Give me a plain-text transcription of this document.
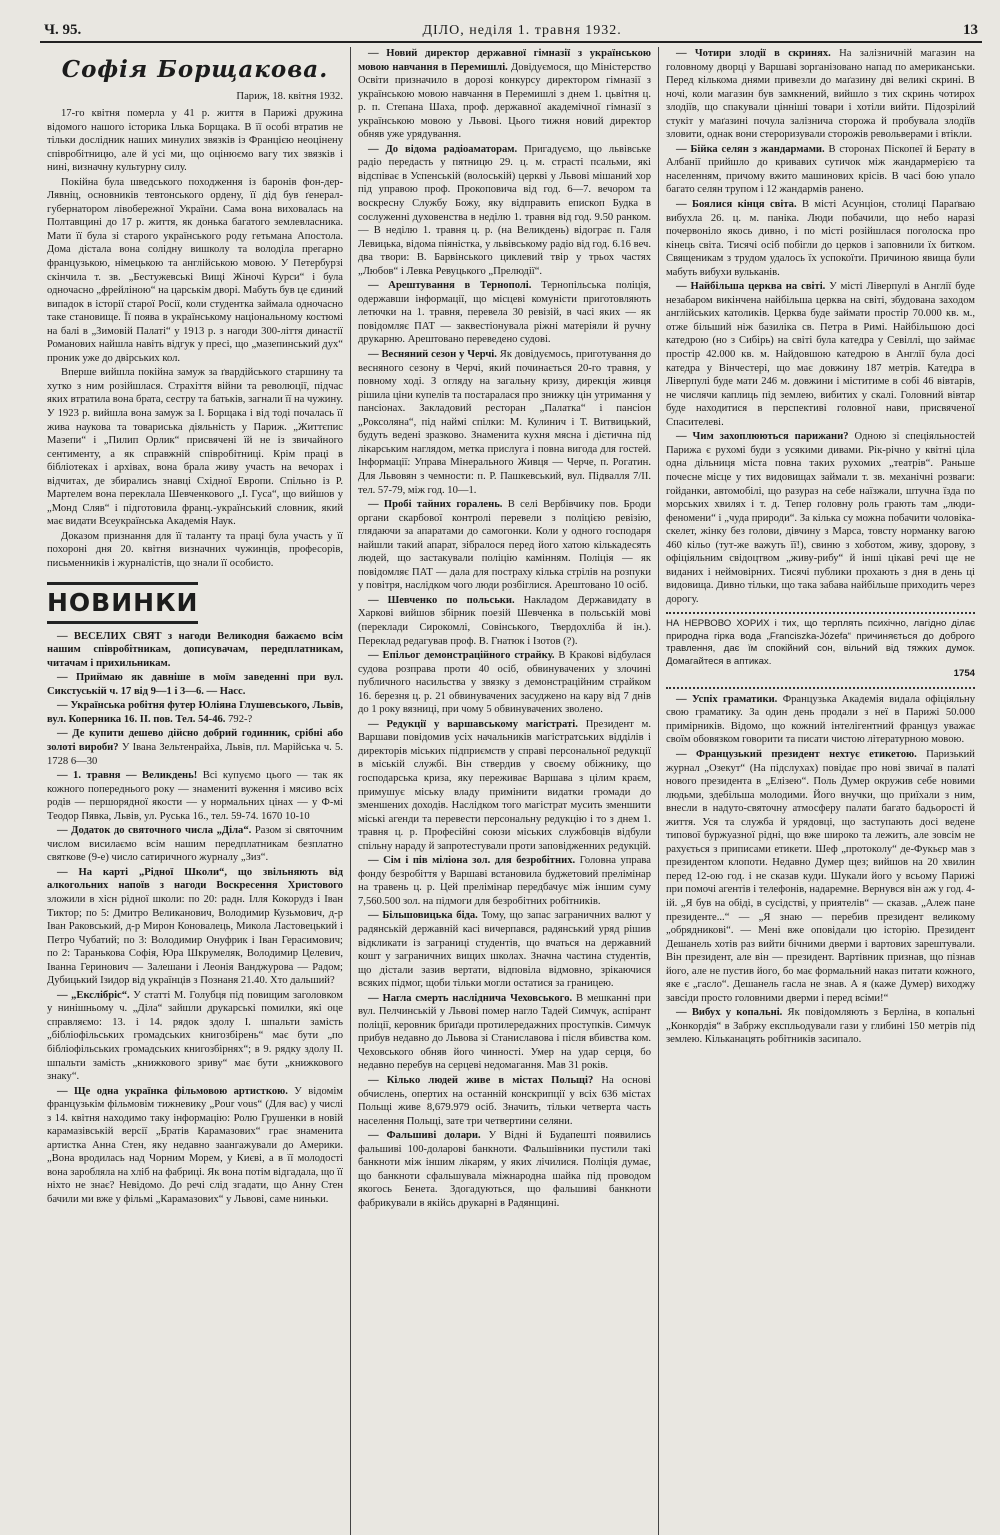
Ч. 95.	ДІЛО, неділя 1. травня 1932.	13
Софія Борщакова.
Париж, 18. квітня 1932.

17-го квітня померла у 41 р. життя в Парижі дружина відомого нашого історика Ілька Борщака. В її особі втратив не тільки дослідник наших минулих звязків із Францією неоцінену співробітницю, але й усі ми, що оцінюємо вагу тих звязків і нині, визначну культурну силу.

Покійна була шведського походження із баронів фон-дер-Лявніц, основників тевтонського ордену, її дід був ґенерал-губернатором лівобережної України. Сама вона виховалась на Полтавщині до 17 р. життя, як донька багатого землевласника. Мати її була зі старого українського роду гетьмана Апостола. Дома дістала вона солідну вишколу та володіла прегарно французькою, німецькою та англійською мовою. У Петербурзі скінчила т. зв. „Бестужевські Вищі Жіночі Курси“ і була одночасно „фрейліною“ на царськім дворі. Мабуть був це єдиний випадок в історії старої Росії, коли студентка займала одночасно таке становище. Її поява в українському національному костюмі на балі в „Зимовій Палаті“ у 1913 р. з нагоди 300-ліття династії Романових найшла навіть відгук у пресі, що „мазепинський дух“ проник уже до двірських кол.

Вперше вийшла покійна замуж за ґвардійського старшину та хутко з ним розійшлася. Страхіття війни та революції, підчас яких втратила вона брата, сестру та батьків, загнали її на чужину. У 1923 р. вийшла вона замуж за І. Борщака і від тоді почалась її жива наукова та товариська діяльність у Париж. „Життєпис Мазепи“ і „Пилип Орлик“ присвячені їй не із звичайного сентименту, а як справжній співробітниці. Крім праці в бібліотеках і архівах, вона брала живу участь на вечорах і відчитах, де збирались знавці Східної Европи. Спільно із Р. Мартелем вона переклала Шевченкового „І. Гуса“, що вийшов у „Монд Сляв“ і підготовила франц.-український словник, який має видати Всеукраїнська Академія Наук.

Доказом признання для її таланту та праці була участь у її похороні дня 20. квітня визначних чужинців, професорів, письменників і журналістів, що знали її особисто.

НОВИНКИ

— ВЕСЕЛИХ СВЯТ з нагоди Великодня бажаємо всім нашим співробітникам, дописувачам, передплатникам, читачам і прихильникам.

— Приймаю як давніше в моїм заведенні при вул. Сикстуській ч. 17 від 9—1 і 3—6. — Насс.

— Українська робітня футер Юліяна Глушевського, Львів, вул. Коперника 16. II. пов. Тел. 54-46. 792-?

— Де купити дешево дійсно добрий годинник, срібні або золоті вироби? У Івана Зельтенрайха, Львів, пл. Марійська ч. 5. 1728 6—30

— 1. травня — Великдень! Всі купуємо цього — так як кожного попереднього року — знамениті вуження і мясиво всіх родів — першорядної якости — у нормальних цінах — у Ф-мі Теодор Пявка, Львів, ул. Руська 16., тел. 59-74. 1670 10-10

— Додаток до святочного числа „Діла“. Разом зі святочним числом висилаємо всім нашим передплатникам безплатно святкове (9-е) число сатиричного журналу „Зиз“.

— На карті „Рідної Школи“, що звільняють від алкогольних напоїв з нагоди Воскресення Христового зложили в хісн рідної школи: по 20: радн. Ілля Кокорудз і Іван Тиктор; по 5: Дмитро Великанович, Володимир Кузьмович, д-р Іван Раковський, д-р Мирон Коновалець, Микола Ластовецький і Петро Чубатий; по 3: Володимир Онуфрик і Іван Герасимович; по 2: Таранькова Софія, Юра Шкрумеляк, Володимир Целевич, Іванна Геринович — Залешани і Леонія Ванджурова — Радом; Дубицький Ізидор від українців з Познаня 21.40. Хто дальший?

— „Екслібріс“. У статті М. Голубця під повищим заголовком у нинішньому ч. „Діла“ зайшли друкарські помилки, які оце справляємо: 13. і 14. рядок здолу І. шпальти замість „бібліофільських громадських книгозбірень“ має бути „по бібліофільських громадських книгозбірнях“; в 9. рядку здолу II. шпальти замість „книжкового зриву“ має бути „книжкового знаку“.

— Ще одна українка фільмовою артисткою. У відомім французькім фільмовім тижневику „Pour vous“ (Для вас) у числі з 14. квітня находимо таку інформацію: Ролю Грушенки в новій карамазівській версії „Братів Карамазових“ грає знаменита артистка Анна Стен, яку недавно заангажували до Америки. „Вона вродилась над Чорним Морем, у Києві, а в її молодості вона заробляла на хліб на фабриці. Як вона потім відгадала, що її ніхто не знає? Невідомо. До речі слід згадати, що Анну Стен бачили ми вже у фільмі „Карамазових“ у Львові, саме ниньки.

— Новий директор державної гімназії з українською мовою навчання в Перемишлі. Довідуємося, що Міністерство Освіти призначило в дорозі конкурсу директором гімназії з українською мовою навчання в Перемишлі з днем 1. цьвітня ц. р. п. Степана Шаха, проф. державної академічної гімназії з українською мовою у Львові. Цього тижня новий директор обняв уже урядування.

— До відома радіоаматорам. Пригадуємо, що львівське радіо передасть у пятницю 29. ц. м. страсті псальми, які відспіває в Успенській (волоській) церкві у Львові мішаний хор під управою проф. Прокоповича від год. 6—7. вечором та воскресну Службу Божу, яку відправить епископ Будка в сослуженні духовенства в неділю 1. травня від год. 9.50 ранком. — В неділю 1. травня ц. р. (на Великдень) відограє п. Галя Левицька, відома піяністка, у львівському радіо від год. 6.16 веч. два твори: В. Барвінського циклевий твір у трьох частях „Любов“ і Левка Ревуцького „Прелюдії“.

— Арештування в Тернополі. Тернопільська поліція, одержавши інформації, що місцеві комуністи приготовляють летючки на 1. травня, перевела 30 ревізій, в часі яких — як повідомляє ПАТ — заквестіонувала ріжні матеріяли й ручну друкарню. Арештовано переведено судові.

— Весняний сезон у Черчі. Як довідуємось, приготування до весняного сезону в Черчі, який починається 20-го травня, у повному ході. З огляду на загальну кризу, дирекція живця рішила ціни купелів та постаралася про знижку цін утримання у пансіонах. Закладовий ресторан „Палатка“ і пансіон „Роксоляна“, під наймі спілки: М. Кулинич і Т. Витвицький, будуть ведені зразково. Знаменита кухня мясна і дієтична під лікарським наглядом, метка прислуга і повна вигода для гостей. Інформації: Управа Мінерального Живця — Черче, п. Рогатин. Для Львовян з чемности: п. Р. Пашкевський, вул. Підвалля 7/ІІ. тел. 57-79, між год. 10—1.

— Пробі тайних горалень. В селі Вербівчику пов. Броди органи скарбової контролі перевели з поліцією ревізію, глядаючи за апаратами до самогонки. Коли у одного господаря найшли такий апарат, зібралося перед його хатою кількадесять людей, що застакували поліцію камінням. Поліція — як повідомляє ПАТ — дала для постраху кілька стрілів на розпуки у повітря, наслідком чого люди розбіглися. Арештовано 10 осіб.

— Шевченко по польськи. Накладом Державидату в Харкові вийшов збірник поезій Шевченка в польській мові (переклади Сирокомлі, Совінського, Твердохліба й ін.). Переклад редагував проф. В. Гнатюк і Ізотов (?).

— Епільог демонстраційного страйку. В Кракові відбулася судова розправа проти 40 осіб, обвинувачених у злочині публичного насильства у звязку з демонстраційним страйком 16. березня ц. р. 21 обвинувачених засуджено на кару від 7 днів до 1 року вязниці, при чому 5 обвинувачених зволено.

— Редукції у варшавському магістраті. Президент м. Варшави повідомив усіх начальників магістратських відділів і директорів міських підприємств у справі персональної редукції в міській службі. Він ствердив у своєму обіжнику, що господарська криза, яку переживає Варшава з цілим краєм, примушує міську владу примінити видатки громади до зменшених доходів. Наслідком того магістрат мусить зменшити міські агенди та перевести персональну редукцію і то з днем 1. травня ц. р. Професійні союзи міських службовців відбули спільну нараду й запротестували проти заповідженних редукцій.

— Сім і пів міліона зол. для безробітних. Головна управа фонду безробіття у Варшаві встановила буджетовий прелімінар на травень ц. р. Цей прелімінар передбачує між іншим суму 7,560.500 зол. на підмоги для безробітних робітників.

— Більшовицька біда. Тому, що запас заграничних валют у радянській державній касі вичерпався, радянський уряд рішив відкликати із заграниці студентів, що вчаться на державний кошт у заграничних вищих школах. Значна частина студентів, що дістали зазив вертати, відповіла відмовно, зрікаючися всяких підмог, щоби тільки могли остатися за границею.

— Нагла смерть насліднича Чеховського. В мешканні при вул. Пелчинській у Львові помер нагло Тадей Симчук, аспірант поліції, керовник бриґади протилередажних проступків. Симчук прибув недавно до Львова зі Станиславова і після вбивства ком. Чеховського обняв його чинності. Умер на удар серця, бо недавно перебув на серцеві недомагання. Мав 31 років.

— Кількo людей живе в містах Польщі? На основі обчислень, опертих на останній конскрипції у всіх 636 містах Польщі живе 8,679.979 осіб. Значить, тільки четверта часть населення Польщі, зате три четвертини селяни.

— Фальшиві долари. У Відні й Будапешті появились фальшиві 100-доларові банкноти. Фальшівники пустили такі банкноти між іншим лікарям, у яких лічилися. Поліція думає, що банкноти сфальшувала міжнародна шайка під проводом якогось Бенета. Здогадуються, що фальшиві банкноти фабрикували в якійсь друкарні в Радянщині.

— Чотири злодії в скринях. На залізничній магазин на головному дворці у Варшаві зорганізовано напад по американськи. Перед кількома днями привезли до маґазину дві великі скрині. В ночі, коли магазин був замкнений, вийшло з тих скринь чотирох злодіїв, що спакували цінніші товари і хотіли вийти. Підозрілий стукіт у маґазині почула залізнича сторожа й пробувала злодіїв зловити, однак вони стероризували сторожів револьверами і втікли.

— Бійка селян з жандармами. В сторонах Піскопеї й Берату в Албанії прийшло до кривавих сутичок між жандармерією та населенням, причому вжито машинових крісів. В часі бою упало багато селян трупом і 12 жандармів ранено.

— Боялися кінця світа. В місті Асунціон, столиці Параґваю вибухла 26. ц. м. паніка. Люди побачили, що небо наразі почервоніло якось дивно, і по місті розійшлася поголоска про кінець світа. Тисячі осіб побігли до церков і заповнили їх битком. Священикам з трудом удалось їх успокоїти. Причиною явища були мабуть вибухи вульканів.

— Найбільша церква на світі. У місті Ліверпулі в Англії буде незабаром викінчена найбільша церква на світі, збудована заходом англійських католиків. Церква буде займати простір 70.000 кв. м., отже більший ніж базиліка св. Петра в Римі. Найбільшою досі катедрою (но з Сибірь) на світі була катедра у Севіллі, що займає простір 42.000 кв. м. Найдовшою катедрою в Англії була досі катедра у Вінчестері, що має довжину 187 метрів. Катедра в Ліверпулі буде мати 246 м. довжини і міститиме в собі 46 вівтарів, не числячи каплиць під землею, вибитих у скалі. Головний вівтар буде находитися в перспективі головної нави, присвяченої Спасителеві.

— Чим захоплюються парижани? Одною зі спеціяльностей Парижа є рухомі буди з усякими дивами. Рік-річно у квітні ціла одна дільниця міста повна таких рухомих „театрів“. Раньше почесне місце у тих видовищах займали т. зв. механічні розваги: гойданки, автомобілі, що разураз на себе наїзжали, штучна їзда по морських хвилях і т. д. Тепер головну роль грають там „люди-феномени“ і „чуда природи“. За кілька су можна побачити чоловіка-скелет, жінку без голови, дівчину з Марса, товсту норманку вагою 460 кільо (тут-же важуть її!), свиню з хоботом, живу, здорову, з офіціяльним свідоцтвом „живу-рибу“ й інші цікаві речі ще не виданих і неймовірних. Тисячі публики прохають з дня в день ці видовища. Дивно тільки, що така забава найбільше приходить через дорогу.

НА НЕРВОВО ХОРИХ і тих, що терплять психічно, лагідно ділає природна гірка вода „Franciszka-Józefa“ причиняється до доброго травлення, дає їм спокійний сон, вільний від тяжких думок. Домагайтеся в аптиках.
1754

— Успіх граматики. Французька Академія видала офіціяльну свою граматику. За один день продали з неї в Парижі 50.000 примірників. Відомо, що кожний інтелігентний француз уважає своїм обовязком говорити та писати чистою літературною мовою.

— Французький президент нехтує етикетою. Паризький журнал „Озекут“ (На підслухах) повідає про нові звичаї в палаті нового президента в „Елізею“. Поль Думер окружив себе новими людьми, здебільша молодими. Його внучки, що приїхали з ним, внесли в надуто-святочну атмосферу палати багато бадьорості й життя. Уся та служба й урядовці, що заступають досі ведене типової буржуазної рідні, що вже широко та лежить, але зовсім не рахується з приписами етикети. Шеф „протоколу“ де-Фукьєр мав з президентом клопоти. Недавно Думер щез; вийшов на 20 хвилин перед 12-ою год. і не сказав куди. Шукали його у всьому Парижі при помочі агентів і телефонів, надаремне. Вернувся він аж у год. 4-ій. „Я був на обіді, в сусідстві, у приятелів“ — сказав. „Алеж пане президенте...“ — „Я знаю — перебив президент великому „обрядникові“. — Мені вже оповідали цю історію. Президент Дешанель хотів раз вийти бічними дверми і вартових зарештували. Він президент, але він — президент. Вартівник признав, що пізнав його, але не пустив його, бо має формальний наказ питати кожного, яке є „гасло“. Дешанель гасла не знав. А я (каже Думер) виходжу завсіди просто головними дверми і перед всіми!“

— Вибух у копальні. Як повідомляють з Берліна, в копальні „Конкордія“ в Забржу експльодували гази у глибині 150 метрів під землею. Кільканацять робітників засипало.
